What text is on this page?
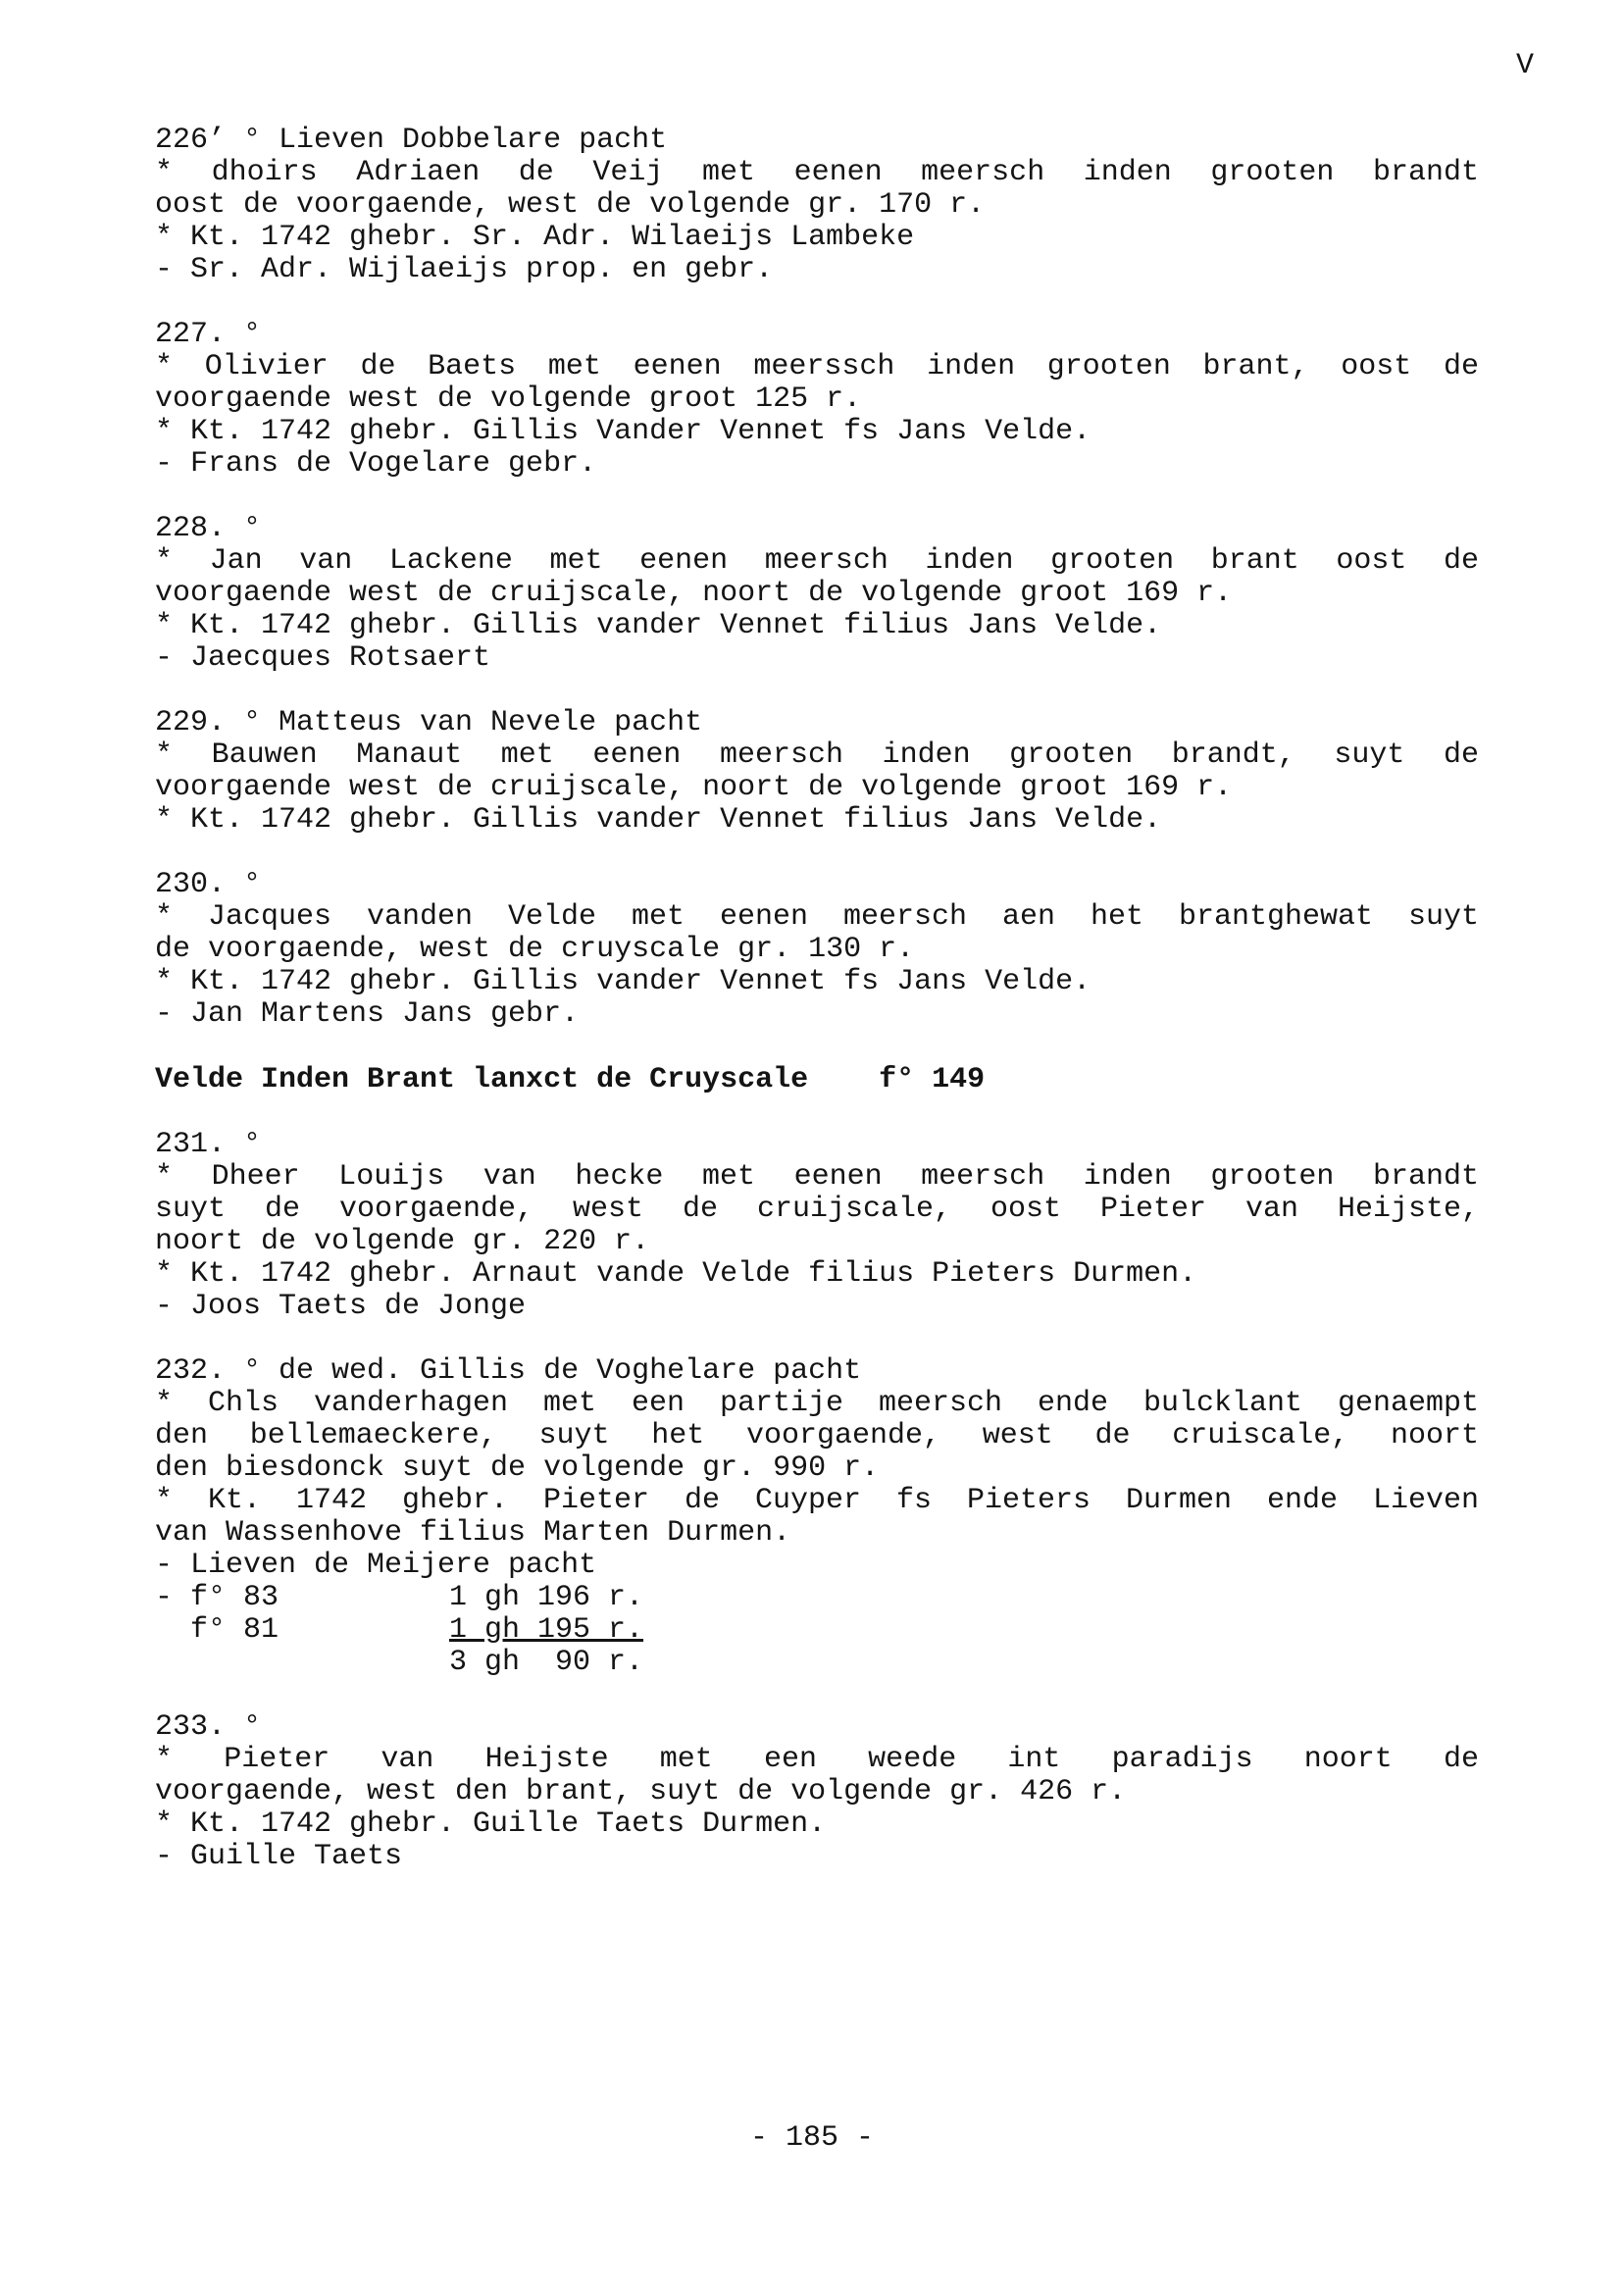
V
226’ ° Lieven Dobbelare pacht
* dhoirs Adriaen de Veij met eenen meersch inden grooten brandt
oost de voorgaende, west de volgende gr. 170 r.
* Kt. 1742 ghebr. Sr. Adr. Wilaeijs Lambeke
- Sr. Adr. Wijlaeijs prop. en gebr.
227. °
* Olivier de Baets met eenen meerssch inden grooten brant, oost de
voorgaende west de volgende groot 125 r.
* Kt. 1742 ghebr. Gillis Vander Vennet fs Jans Velde.
- Frans de Vogelare gebr.
228. °
* Jan van Lackene met eenen meersch inden grooten brant oost de
voorgaende west de cruijscale, noort de volgende groot 169 r.
* Kt. 1742 ghebr. Gillis vander Vennet filius Jans Velde.
- Jaecques Rotsaert
229. ° Matteus van Nevele pacht
* Bauwen Manaut met eenen meersch inden grooten brandt, suyt de
voorgaende west de cruijscale, noort de volgende groot 169 r.
* Kt. 1742 ghebr. Gillis vander Vennet filius Jans Velde.
230. °
* Jacques vanden Velde met eenen meersch aen het brantghewat suyt
de voorgaende, west de cruyscale gr. 130 r.
* Kt. 1742 ghebr. Gillis vander Vennet fs Jans Velde.
- Jan Martens Jans gebr.
Velde Inden Brant lanxct de Cruyscale    f° 149
231. °
* Dheer Louijs van hecke met eenen meersch inden grooten brandt
suyt de voorgaende, west de cruijscale, oost Pieter van Heijste,
noort de volgende gr. 220 r.
* Kt. 1742 ghebr. Arnaut vande Velde filius Pieters Durmen.
- Joos Taets de Jonge
232. ° de wed. Gillis de Voghelare pacht
* Chls vanderhagen met een partije meersch ende bulcklant genaempt
den bellemaeckere, suyt het voorgaende, west de cruiscale, noort
den biesdonck suyt de volgende gr. 990 r.
* Kt. 1742 ghebr. Pieter de Cuyper fs Pieters Durmen ende Lieven
van Wassenhove filius Marten Durmen.
- Lieven de Meijere pacht
- f° 83	1 gh 196 r.
f° 81	1 gh 195 r.
	3 gh  90 r.
233. °
* Pieter van Heijste met een weede int paradijs noort de
voorgaende, west den brant, suyt de volgende gr. 426 r.
* Kt. 1742 ghebr. Guille Taets Durmen.
- Guille Taets
- 185 -
